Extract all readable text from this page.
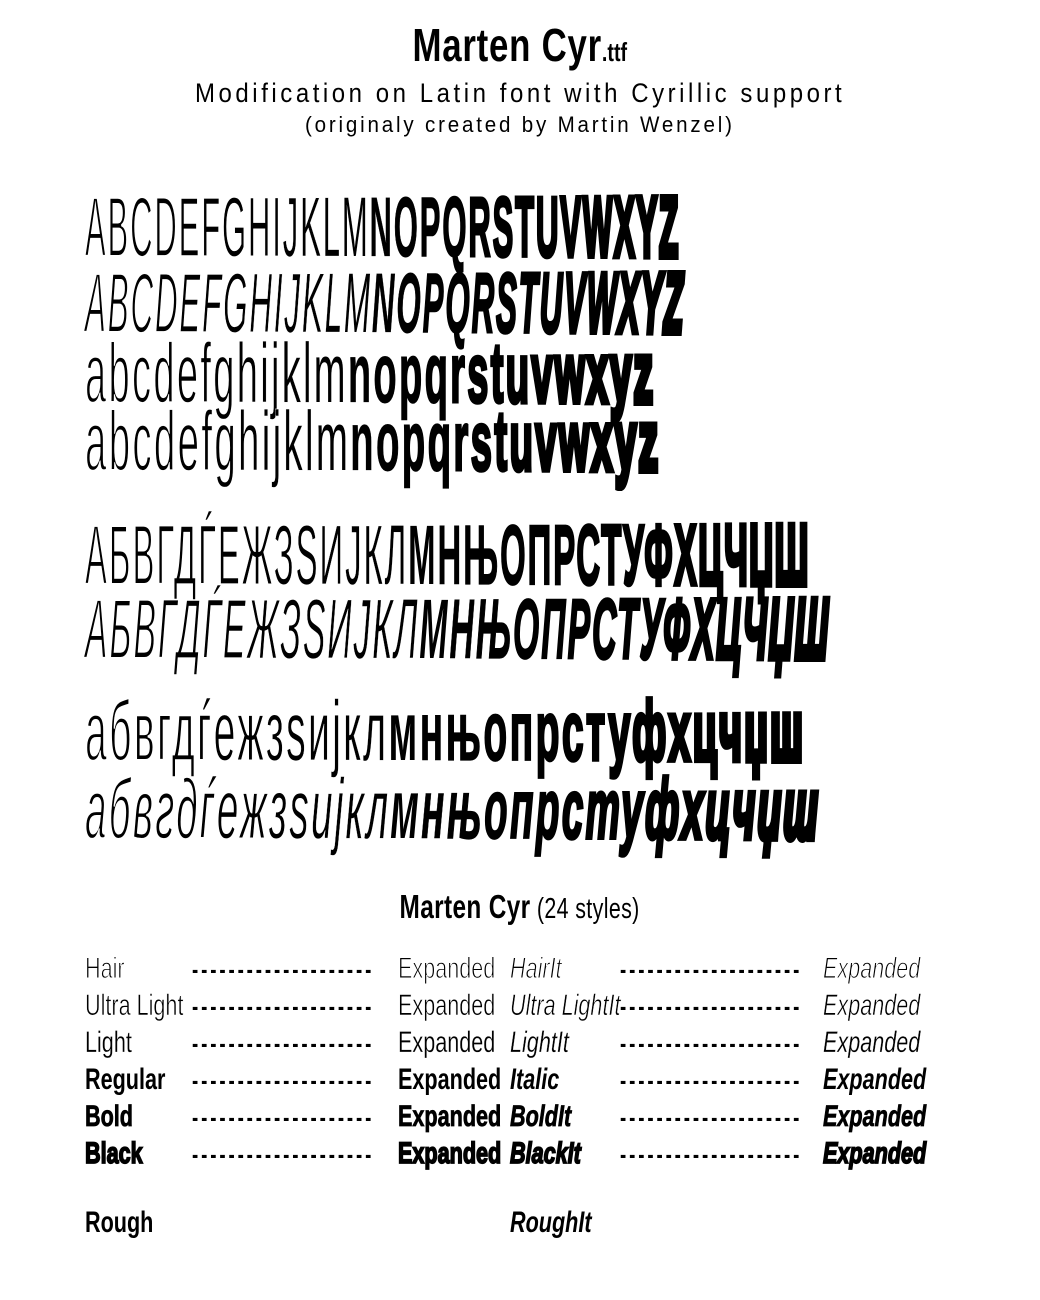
Marten Cyr.ttf
Modification on Latin font with Cyrillic support
(originaly created by Martin Wenzel)
ABCDEFGHIJKLMNOPQRSTUVWXYZ
ABCDEFGHIJKLMNOPQRSTUVWXYZ
abcdefghijklmnopqrstuvwxyz
abcdefghijklmnopqrstuvwxyz
АБВГДЃЕЖЗЅИЈКЛМНЊОПРСТУФХЦЧЏШ
АБВГДЃЕЖЗЅИЈКЛМНЊОПРСТУФХЦЧЏШ
абвгдѓежзѕијклмнњопрстуфхцчџш
абвгдѓежзѕијклмнњопрстуфхцчџш
Marten Cyr (24 styles)
Hair	-------------------- Expanded HairIt -------------------- Expanded
Ultra Light -------------------- Expanded Ultra LightIt -------------------- Expanded
Light -------------------- Expanded LightIt -------------------- Expanded
Regular -------------------- Expanded Italic -------------------- Expanded
Bold -------------------- Expanded BoldIt -------------------- Expanded
Black -------------------- Expanded BlackIt -------------------- Expanded
Rough	RoughIt
